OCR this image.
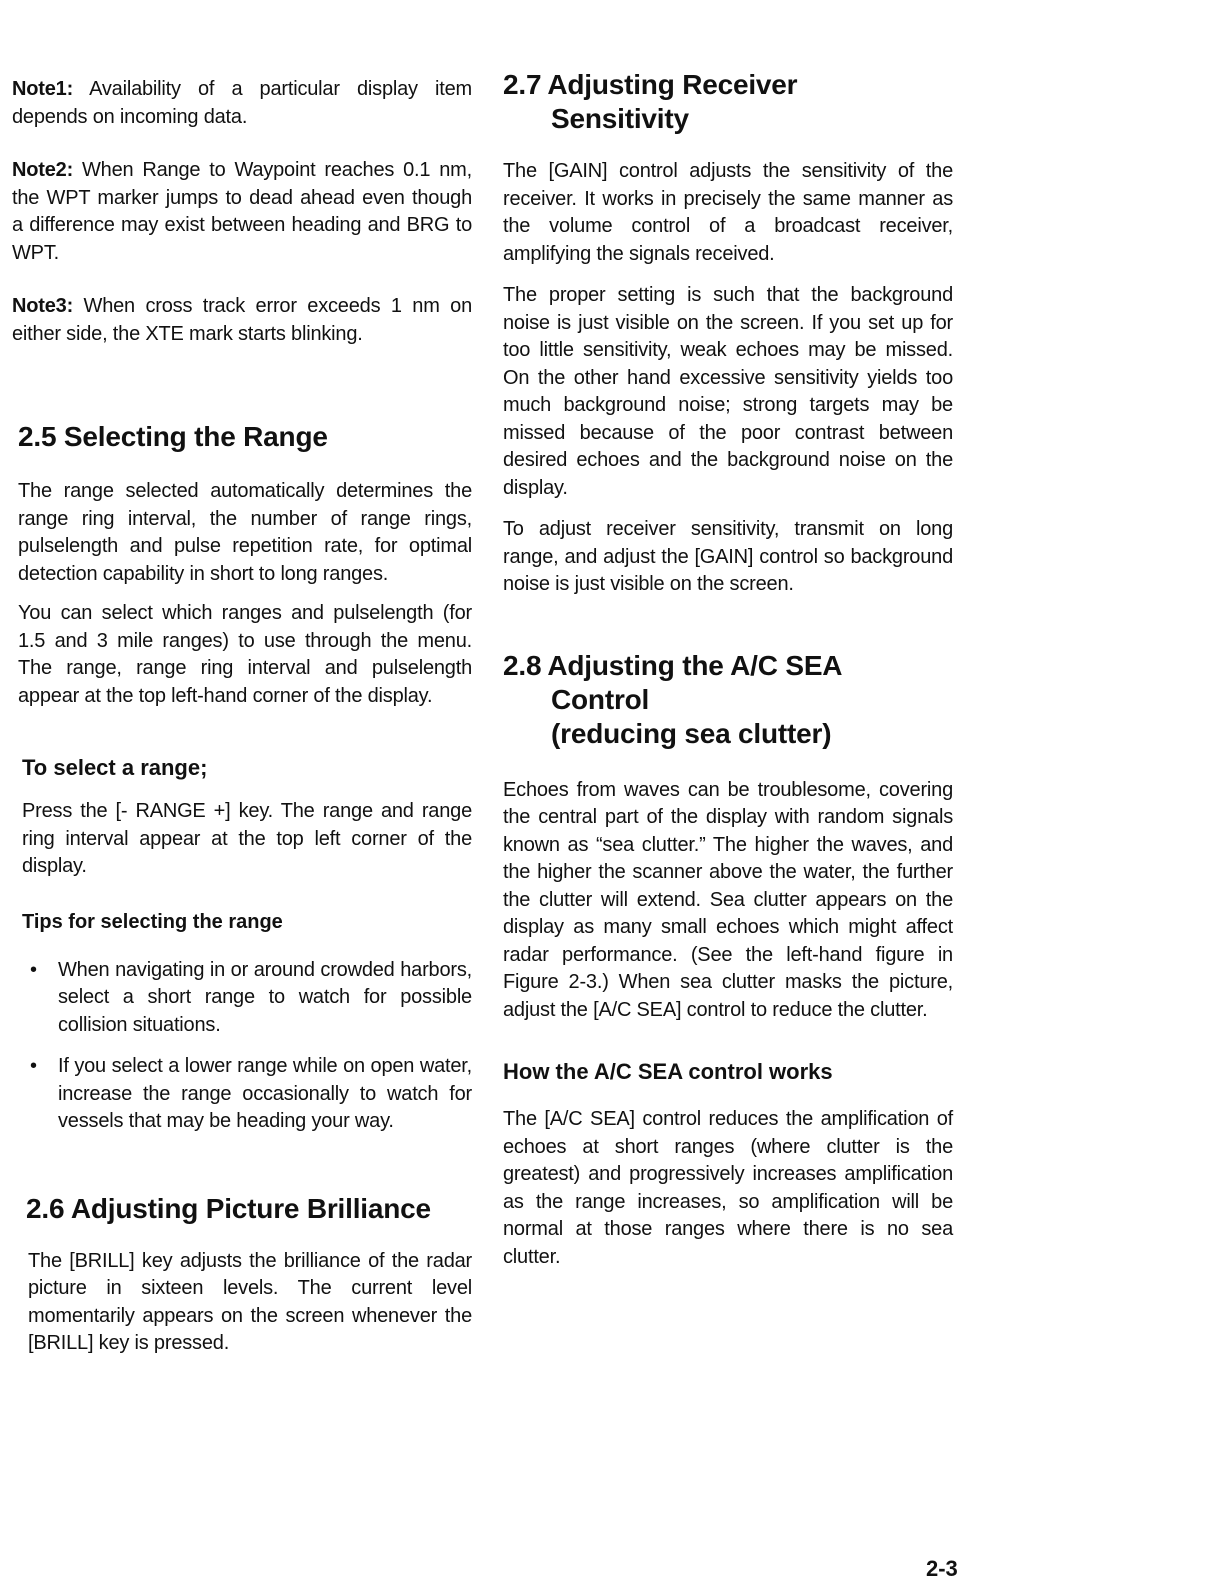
Note1: Availability of a particular display item depends on incoming data.

Note2: When Range to Waypoint reaches 0.1 nm, the WPT marker jumps to dead ahead even though a difference may exist between heading and BRG to WPT.

Note3: When cross track error exceeds 1 nm on either side, the XTE mark starts blinking.

2.5 Selecting the Range

The range selected automatically determines the range ring interval, the number of range rings, pulselength and pulse repetition rate, for optimal detection capability in short to long ranges.

You can select which ranges and pulselength (for 1.5 and 3 mile ranges) to use through the menu. The range, range ring interval and pulselength appear at the top left-hand corner of the display.

To select a range;

Press the [- RANGE +] key. The range and range ring interval appear at the top left corner of the display.

Tips for selecting the range
• When navigating in or around crowded harbors, select a short range to watch for possible collision situations.
• If you select a lower range while on open water, increase the range occasionally to watch for vessels that may be heading your way.
2.6 Adjusting Picture Brilliance

The [BRILL] key adjusts the brilliance of the radar picture in sixteen levels. The current level momentarily appears on the screen whenever the [BRILL] key is pressed.

2.7 Adjusting Receiver
Sensitivity

The [GAIN] control adjusts the sensitivity of the receiver. It works in precisely the same manner as the volume control of a broadcast receiver, amplifying the signals received.

The proper setting is such that the background noise is just visible on the screen. If you set up for too little sensitivity, weak echoes may be missed. On the other hand excessive sensitivity yields too much background noise; strong targets may be missed because of the poor contrast between desired echoes and the background noise on the display.

To adjust receiver sensitivity, transmit on long range, and adjust the [GAIN] control so background noise is just visible on the screen.

2.8 Adjusting the A/C SEA
Control
(reducing sea clutter)

Echoes from waves can be troublesome, covering the central part of the display with random signals known as “sea clutter.” The higher the waves, and the higher the scanner above the water, the further the clutter will extend. Sea clutter appears on the display as many small echoes which might affect radar performance. (See the left-hand figure in Figure 2-3.) When sea clutter masks the picture, adjust the [A/C SEA] control to reduce the clutter.

How the A/C SEA control works

The [A/C SEA] control reduces the amplification of echoes at short ranges (where clutter is the greatest) and progressively increases amplification as the range increases, so amplification will be normal at those ranges where there is no sea clutter.

2-3
